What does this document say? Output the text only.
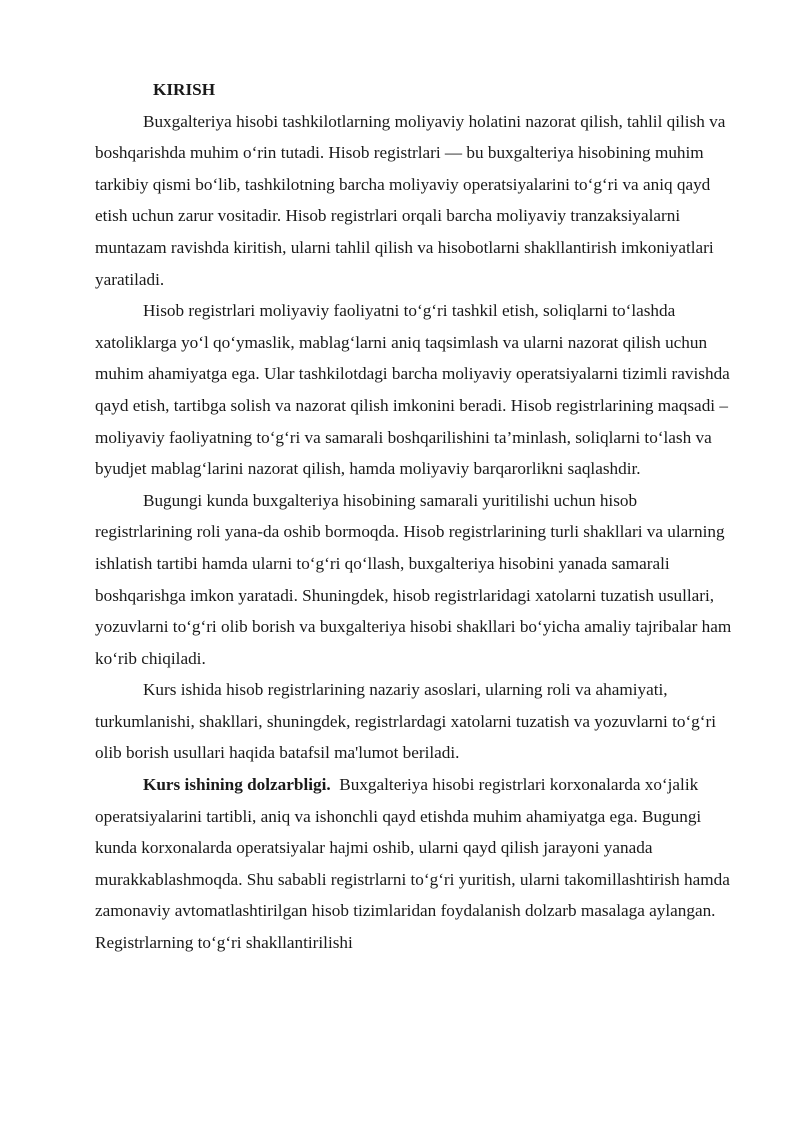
KIRISH

Buxgalteriya hisobi tashkilotlarning moliyaviy holatini nazorat qilish, tahlil qilish va boshqarishda muhim o‘rin tutadi. Hisob registrlari — bu buxgalteriya hisobining muhim tarkibiy qismi bo‘lib, tashkilotning barcha moliyaviy operatsiyalarini to‘g‘ri va aniq qayd etish uchun zarur vositadir. Hisob registrlari orqali barcha moliyaviy tranzaksiyalarni muntazam ravishda kiritish, ularni tahlil qilish va hisobotlarni shakllantirish imkoniyatlari yaratiladi.

Hisob registrlari moliyaviy faoliyatni to‘g‘ri tashkil etish, soliqlarni to‘lashda xatoliklarga yo‘l qo‘ymaslik, mablag‘larni aniq taqsimlash va ularni nazorat qilish uchun muhim ahamiyatga ega. Ular tashkilotdagi barcha moliyaviy operatsiyalarni tizimli ravishda qayd etish, tartibga solish va nazorat qilish imkonini beradi. Hisob registrlarining maqsadi – moliyaviy faoliyatning to‘g‘ri va samarali boshqarilishini ta’minlash, soliqlarni to‘lash va byudjet mablag‘larini nazorat qilish, hamda moliyaviy barqarorlikni saqlashdir.

Bugungi kunda buxgalteriya hisobining samarali yuritilishi uchun hisob registrlarining roli yana-da oshib bormoqda. Hisob registrlarining turli shakllari va ularning ishlatish tartibi hamda ularni to‘g‘ri qo‘llash, buxgalteriya hisobini yanada samarali boshqarishga imkon yaratadi. Shuningdek, hisob registrlaridagi xatolarni tuzatish usullari, yozuvlarni to‘g‘ri olib borish va buxgalteriya hisobi shakllari bo‘yicha amaliy tajribalar ham ko‘rib chiqiladi.

Kurs ishida hisob registrlarining nazariy asoslari, ularning roli va ahamiyati, turkumlanishi, shakllari, shuningdek, registrlardagi xatolarni tuzatish va yozuvlarni to‘g‘ri olib borish usullari haqida batafsil ma'lumot beriladi.

Kurs ishining dolzarbligi. Buxgalteriya hisobi registrlari korxonalarda xo‘jalik operatsiyalarini tartibli, aniq va ishonchli qayd etishda muhim ahamiyatga ega. Bugungi kunda korxonalarda operatsiyalar hajmi oshib, ularni qayd qilish jarayoni yanada murakkablashmoqda. Shu sababli registrlarni to‘g‘ri yuritish, ularni takomillashtirish hamda zamonaviy avtomatlashtirilgan hisob tizimlaridan foydalanish dolzarb masalaga aylangan. Registrlarning to‘g‘ri shakllantirilishi
